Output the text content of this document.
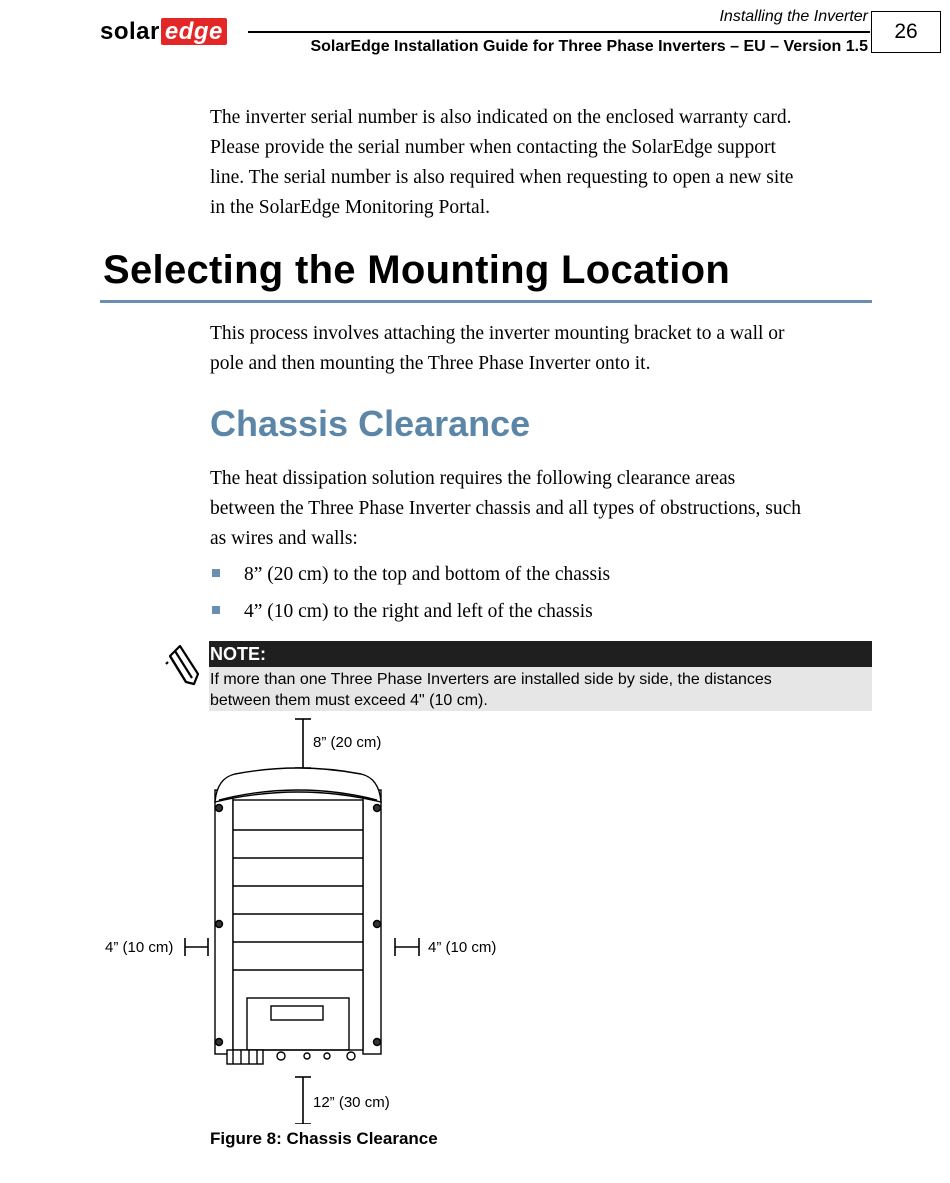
solar edge
Installing the Inverter
SolarEdge Installation Guide for Three Phase Inverters – EU – Version 1.5
26
The inverter serial number is also indicated on the enclosed warranty card.
Please provide the serial number when contacting the SolarEdge support
line. The serial number is also required when requesting to open a new site
in the SolarEdge Monitoring Portal.
Selecting the Mounting Location
This process involves attaching the inverter mounting bracket to a wall or
pole and then mounting the Three Phase Inverter onto it.
Chassis Clearance
The heat dissipation solution requires the following clearance areas
between the Three Phase Inverter chassis and all types of obstructions, such
as wires and walls:
8” (20 cm) to the top and bottom of the chassis
4” (10 cm) to the right and left of the chassis
NOTE:
If more than one Three Phase Inverters are installed side by side, the distances
between them must exceed 4" (10 cm).
8” (20 cm)
4” (10 cm)	4” (10 cm)
12” (30 cm)
Figure 8: Chassis Clearance
